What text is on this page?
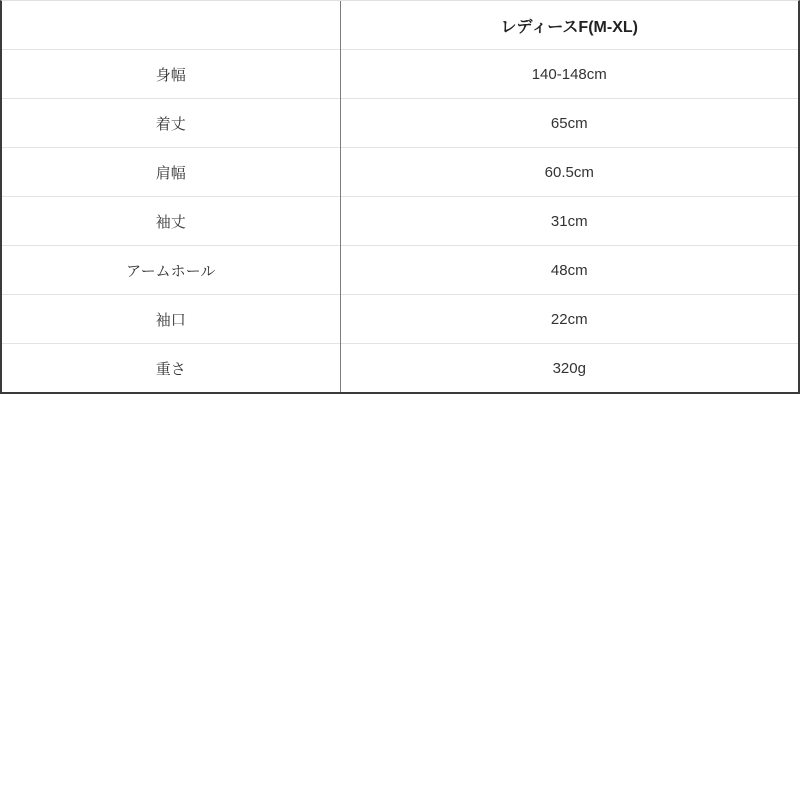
	レディースF(M-XL)
身幅	140-148cm
着丈	65cm
肩幅	60.5cm
袖丈	31cm
アームホール	48cm
袖口	22cm
重さ	320g
